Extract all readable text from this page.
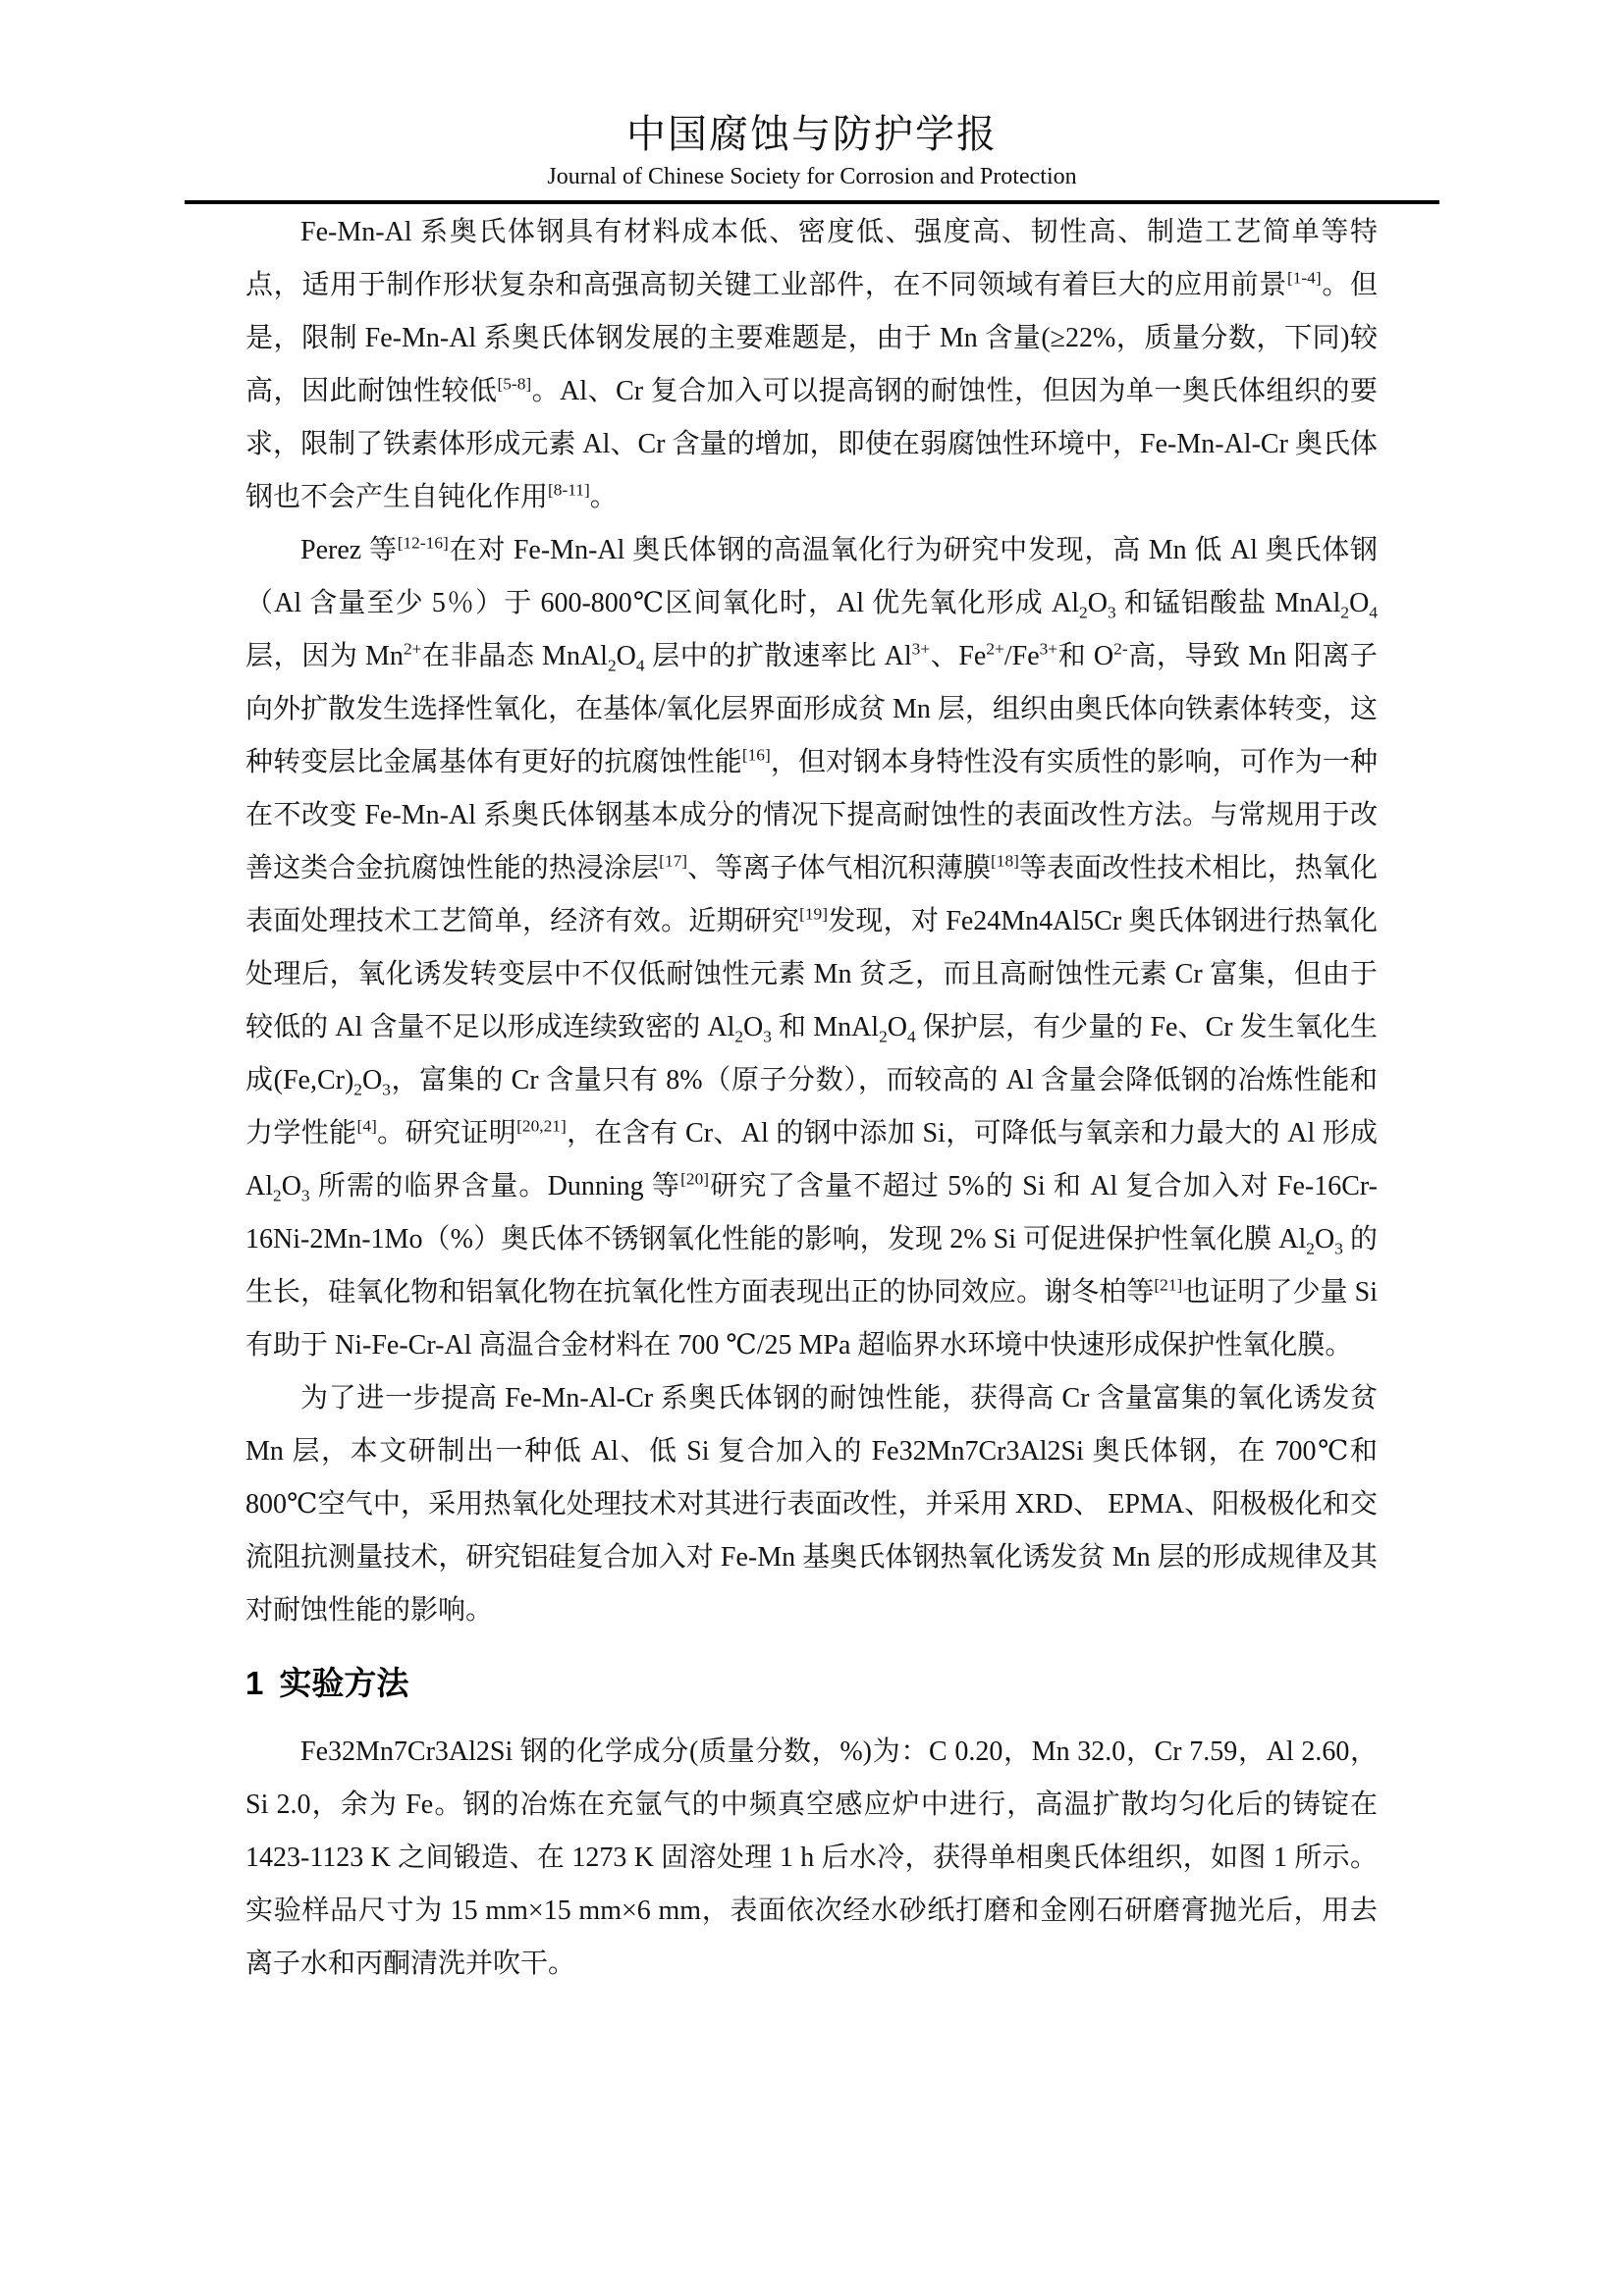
中国腐蚀与防护学报
Journal of Chinese Society for Corrosion and Protection

Fe-Mn-Al 系奥氏体钢具有材料成本低、密度低、强度高、韧性高、制造工艺简单等特点，适用于制作形状复杂和高强高韧关键工业部件，在不同领域有着巨大的应用前景[1-4]。但是，限制 Fe-Mn-Al 系奥氏体钢发展的主要难题是，由于 Mn 含量(≥22%，质量分数，下同)较高，因此耐蚀性较低[5-8]。Al、Cr 复合加入可以提高钢的耐蚀性，但因为单一奥氏体组织的要求，限制了铁素体形成元素 Al、Cr 含量的增加，即使在弱腐蚀性环境中，Fe-Mn-Al-Cr 奥氏体钢也不会产生自钝化作用[8-11]。

Perez 等[12-16]在对 Fe-Mn-Al 奥氏体钢的高温氧化行为研究中发现，高 Mn 低 Al 奥氏体钢（Al 含量至少 5％）于 600-800℃区间氧化时，Al 优先氧化形成 $Al_2O_3$ 和锰铝酸盐 $MnAl_2O_4$ 层，因为 $Mn^{2+}$在非晶态 $MnAl_2O_4$ 层中的扩散速率比 $Al^{3+}$、$Fe^{2+}/Fe^{3+}$和 $O^{2-}$高，导致 Mn 阳离子向外扩散发生选择性氧化，在基体/氧化层界面形成贫 Mn 层，组织由奥氏体向铁素体转变，这种转变层比金属基体有更好的抗腐蚀性能[16]，但对钢本身特性没有实质性的影响，可作为一种在不改变 Fe-Mn-Al 系奥氏体钢基本成分的情况下提高耐蚀性的表面改性方法。与常规用于改善这类合金抗腐蚀性能的热浸涂层[17]、等离子体气相沉积薄膜[18]等表面改性技术相比，热氧化表面处理技术工艺简单，经济有效。近期研究[19]发现，对 Fe24Mn4Al5Cr 奥氏体钢进行热氧化处理后，氧化诱发转变层中不仅低耐蚀性元素 Mn 贫乏，而且高耐蚀性元素 Cr 富集，但由于较低的 Al 含量不足以形成连续致密的 $Al_2O_3$ 和 $MnAl_2O_4$ 保护层，有少量的 Fe、Cr 发生氧化生成$(Fe,Cr)_2O_3$，富集的 Cr 含量只有 8%（原子分数），而较高的 Al 含量会降低钢的冶炼性能和力学性能[4]。研究证明[20,21]，在含有 Cr、Al 的钢中添加 Si，可降低与氧亲和力最大的 Al 形成 $Al_2O_3$ 所需的临界含量。Dunning 等[20]研究了含量不超过 5%的 Si 和 Al 复合加入对 Fe-16Cr-16Ni-2Mn-1Mo（%）奥氏体不锈钢氧化性能的影响，发现 2% Si 可促进保护性氧化膜 $Al_2O_3$ 的生长，硅氧化物和铝氧化物在抗氧化性方面表现出正的协同效应。谢冬柏等[21]也证明了少量 Si 有助于 Ni-Fe-Cr-Al 高温合金材料在 700 ℃/25 MPa 超临界水环境中快速形成保护性氧化膜。

为了进一步提高 Fe-Mn-Al-Cr 系奥氏体钢的耐蚀性能，获得高 Cr 含量富集的氧化诱发贫 Mn 层，本文研制出一种低 Al、低 Si 复合加入的 Fe32Mn7Cr3Al2Si 奥氏体钢，在 700℃和 800℃空气中，采用热氧化处理技术对其进行表面改性，并采用 XRD、 EPMA、阳极极化和交流阻抗测量技术，研究铝硅复合加入对 Fe-Mn 基奥氏体钢热氧化诱发贫 Mn 层的形成规律及其对耐蚀性能的影响。

1 实验方法

Fe32Mn7Cr3Al2Si 钢的化学成分(质量分数，%)为：C 0.20，Mn 32.0，Cr 7.59，Al 2.60，Si 2.0，余为 Fe。钢的冶炼在充氩气的中频真空感应炉中进行，高温扩散均匀化后的铸锭在 1423-1123 K 之间锻造、在 1273 K 固溶处理 1 h 后水冷，获得单相奥氏体组织，如图 1 所示。实验样品尺寸为 15 mm×15 mm×6 mm，表面依次经水砂纸打磨和金刚石研磨膏抛光后，用去离子水和丙酮清洗并吹干。
